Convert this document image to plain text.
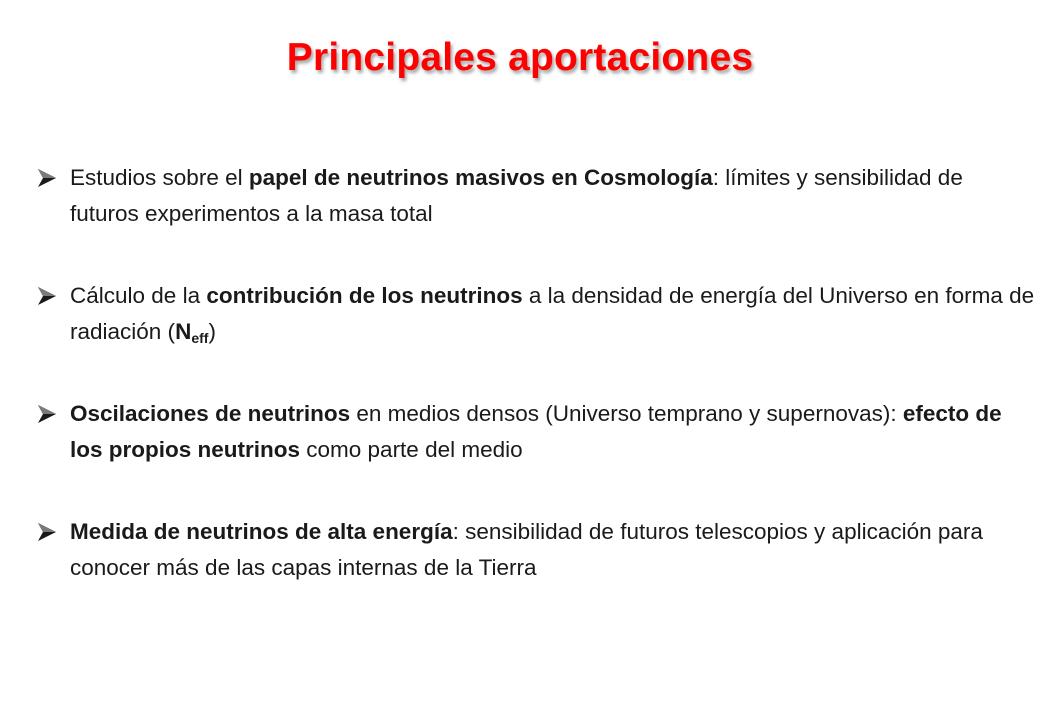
Principales aportaciones
Estudios sobre el papel de neutrinos masivos en Cosmología: límites y sensibilidad de futuros experimentos a la masa total
Cálculo de la contribución de los neutrinos a la densidad de energía del Universo en forma de radiación $(N_{eff})$
Oscilaciones de neutrinos en medios densos (Universo temprano y supernovas): efecto de los propios neutrinos como parte del medio
Medida de neutrinos de alta energía: sensibilidad de futuros telescopios y aplicación para conocer más de las capas internas de la Tierra
